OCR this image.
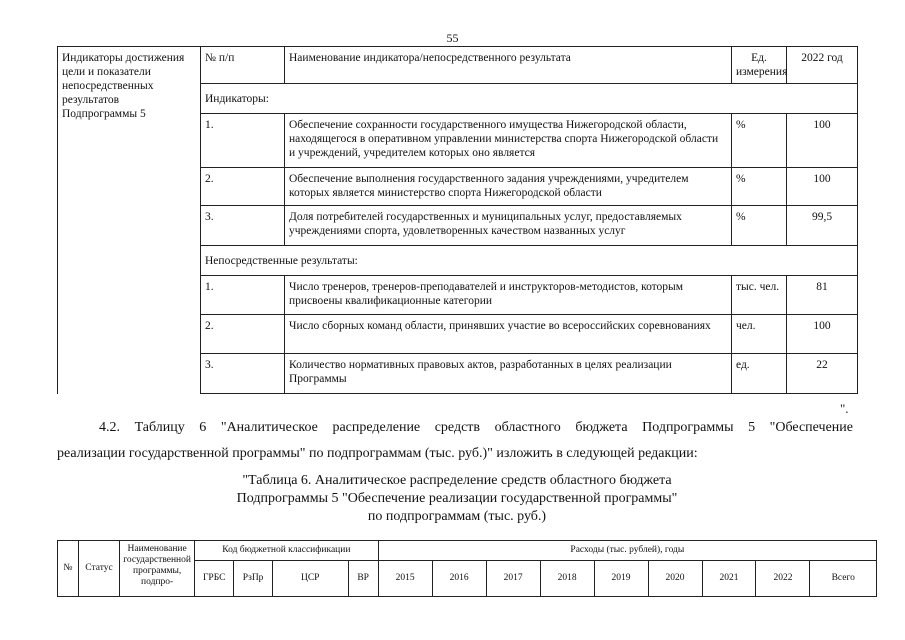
55
Индикаторы достижения цели и показатели непосредственных результатов Подпрограммы 5	№ п/п	Наименование индикатора/непосредственного результата	Ед. измерения	2022 год
	Индикаторы:			
	1.	Обеспечение сохранности государственного имущества Нижегородской области, находящегося в оперативном управлении министерства спорта Нижегородской области и учреждений, учредителем которых оно является	%	100
	2.	Обеспечение выполнения государственного задания учреждениями, учредителем которых является министерство спорта Нижегородской области	%	100
	3.	Доля потребителей государственных и муниципальных услуг, предоставляемых учреждениями спорта, удовлетворенных качеством названных услуг	%	99,5
	Непосредственные результаты:			
	1.	Число тренеров, тренеров-преподавателей и инструкторов-методистов, которым присвоены квалификационные категории	тыс. чел.	81
	2.	Число сборных команд области, принявших участие во всероссийских соревнованиях	чел.	100
	3.	Количество нормативных правовых актов, разработанных в целях реализации Программы	ед.	22
".
4.2. Таблицу 6 "Аналитическое распределение средств областного бюджета Подпрограммы 5 "Обеспечение
реализации государственной программы" по подпрограммам (тыс. руб.)" изложить в следующей редакции:
"Таблица 6. Аналитическое распределение средств областного бюджета
Подпрограммы 5 "Обеспечение реализации государственной программы"
по подпрограммам (тыс. руб.)
№	Статус	Наименование государственной программы, подпро-	Код бюджетной классификации				Расходы (тыс. рублей), годы								
			ГРБС	РзПр	ЦСР	ВР	2015	2016	2017	2018	2019	2020	2021	2022	Всего
